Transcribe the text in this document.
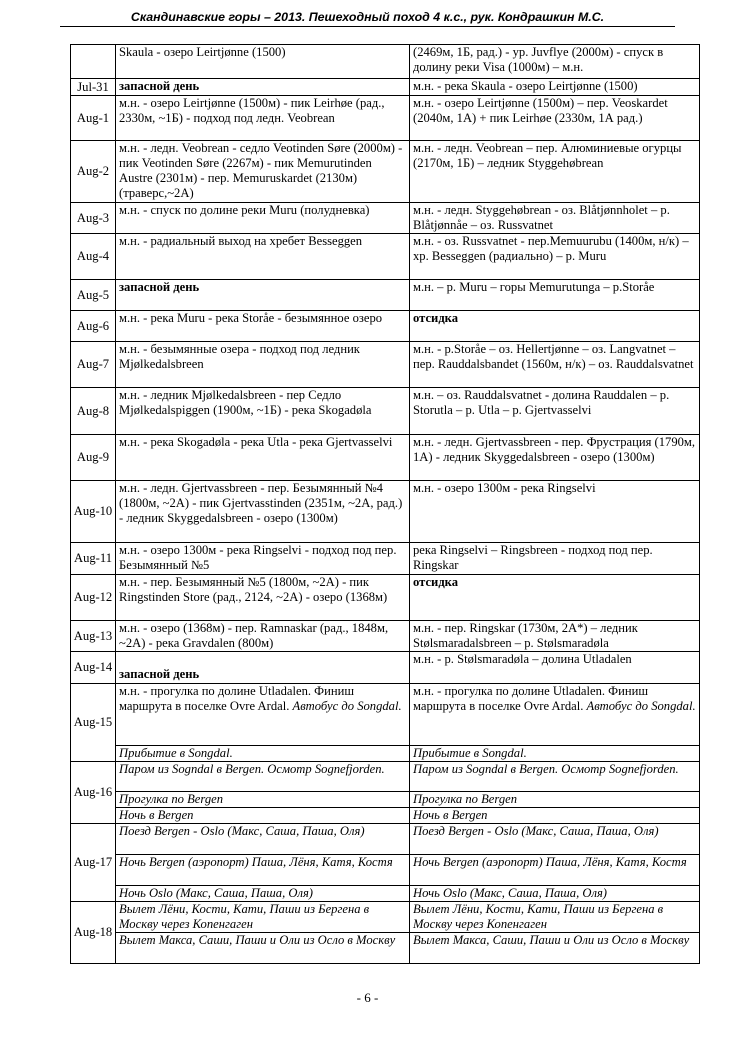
Скандинавские горы – 2013. Пешеходный поход 4 к.с., рук. Кондрашкин М.С.
	Skaula - озеро Leirtjønne (1500)	(2469м, 1Б, рад.) - ур. Juvflye (2000м) - спуск в долину реки Visa (1000м) – м.н.
Jul-31	запасной день	м.н. - река Skaula - озеро Leirtjønne (1500)
Aug-1	м.н. - озеро Leirtjønne (1500м) - пик Leirhøe (рад., 2330м, ~1Б) - подход под ледн. Veobrean	м.н. - озеро Leirtjønne (1500м) – пер. Veoskardet (2040м, 1А) + пик Leirhøe (2330м, 1А рад.)
Aug-2	м.н. - ледн. Veobrean - седло Veotinden Søre (2000м) - пик Veotinden Søre (2267м) - пик Memurutinden Austre (2301м) - пер. Memuruskardet (2130м) (траверс,~2А)	м.н. - ледн. Veobrean – пер. Алюминиевые огурцы (2170м, 1Б) – ледник Styggehøbrean
Aug-3	м.н. - спуск по долине реки Muru (полудневка)	м.н. - ледн. Styggehøbrean - оз. Blåtjønnholet – р. Blåtjønnåe – оз. Russvatnet
Aug-4	м.н. - радиальный выход на хребет Besseggen	м.н. - оз. Russvatnet - пер.Memuurubu (1400м, н/к) – хр. Besseggen (радиально) – р. Muru
Aug-5	запасной день	м.н. – р. Muru – горы Memurutunga – р.Storåe
Aug-6	м.н. - река Muru - река Storåe - безымянное озеро	отсидка
Aug-7	м.н. - безымянные озера - подход под ледник Mjølkedalsbreen	м.н. - р.Storåe – оз. Hellertjønne – оз. Langvatnet – пер. Rauddalsbandet (1560м, н/к) – оз. Rauddalsvatnet
Aug-8	м.н. - ледник Mjølkedalsbreen - пер Седло Mjølkedalspiggen (1900м, ~1Б) - река Skogadøla	м.н. – оз. Rauddalsvatnet - долина Rauddalen – р. Storutla – р. Utla – р. Gjertvasselvi
Aug-9	м.н. - река Skogadøla - река Utla - река Gjertvasselvi	м.н. - ледн. Gjertvassbreen - пер. Фрустрация (1790м, 1А) - ледник Skyggedalsbreen - озеро (1300м)
Aug-10	м.н. - ледн. Gjertvassbreen - пер. Безымянный №4 (1800м, ~2А) - пик Gjertvasstinden (2351м, ~2А, рад.) - ледник Skyggedalsbreen - озеро (1300м)	м.н. - озеро 1300м - река Ringselvi
Aug-11	м.н. - озеро 1300м - река Ringselvi - подход под пер. Безымянный №5	река Ringselvi – Ringsbreen - подход под пер. Ringskar
Aug-12	м.н. - пер. Безымянный №5 (1800м, ~2А) - пик Ringstinden Store (рад., 2124, ~2А) - озеро (1368м)	отсидка
Aug-13	м.н. - озеро (1368м) - пер. Ramnaskar (рад., 1848м, ~2А) - река Gravdalen (800м)	м.н. - пер. Ringskar (1730м, 2А*) – ледник Stølsmaradalsbreen – р. Stølsmaradøla
Aug-14	запасной день	м.н. - р. Stølsmaradøla – долина Utladalen
Aug-15	м.н. - прогулка по долине Utladalen. Финиш маршрута в поселке Ovre Ardal. Автобус до Songdal.	м.н. - прогулка по долине Utladalen. Финиш маршрута в поселке Ovre Ardal. Автобус до Songdal.
	Прибытие в Songdal.	Прибытие в Songdal.
Aug-16	Паром из Sogndal в Bergen. Осмотр Sognefjorden.	Паром из Sogndal в Bergen. Осмотр Sognefjorden.
	Прогулка по Bergen	Прогулка по Bergen
	Ночь в Bergen	Ночь в Bergen
Aug-17	Поезд Bergen - Oslo (Макс, Саша, Паша, Оля)	Поезд Bergen - Oslo (Макс, Саша, Паша, Оля)
	Ночь Bergen (аэропорт) Паша, Лёня, Катя, Костя	Ночь Bergen (аэропорт) Паша, Лёня, Катя, Костя
	Ночь Oslo (Макс, Саша, Паша, Оля)	Ночь Oslo (Макс, Саша, Паша, Оля)
Aug-18	Вылет Лёни, Кости, Кати, Паши из Бергена в Москву через Копенгаген	Вылет Лёни, Кости, Кати, Паши из Бергена в Москву через Копенгаген
	Вылет Макса, Саши, Паши и Оли из Осло в Москву	Вылет Макса, Саши, Паши и Оли из Осло в Москву
- 6 -
